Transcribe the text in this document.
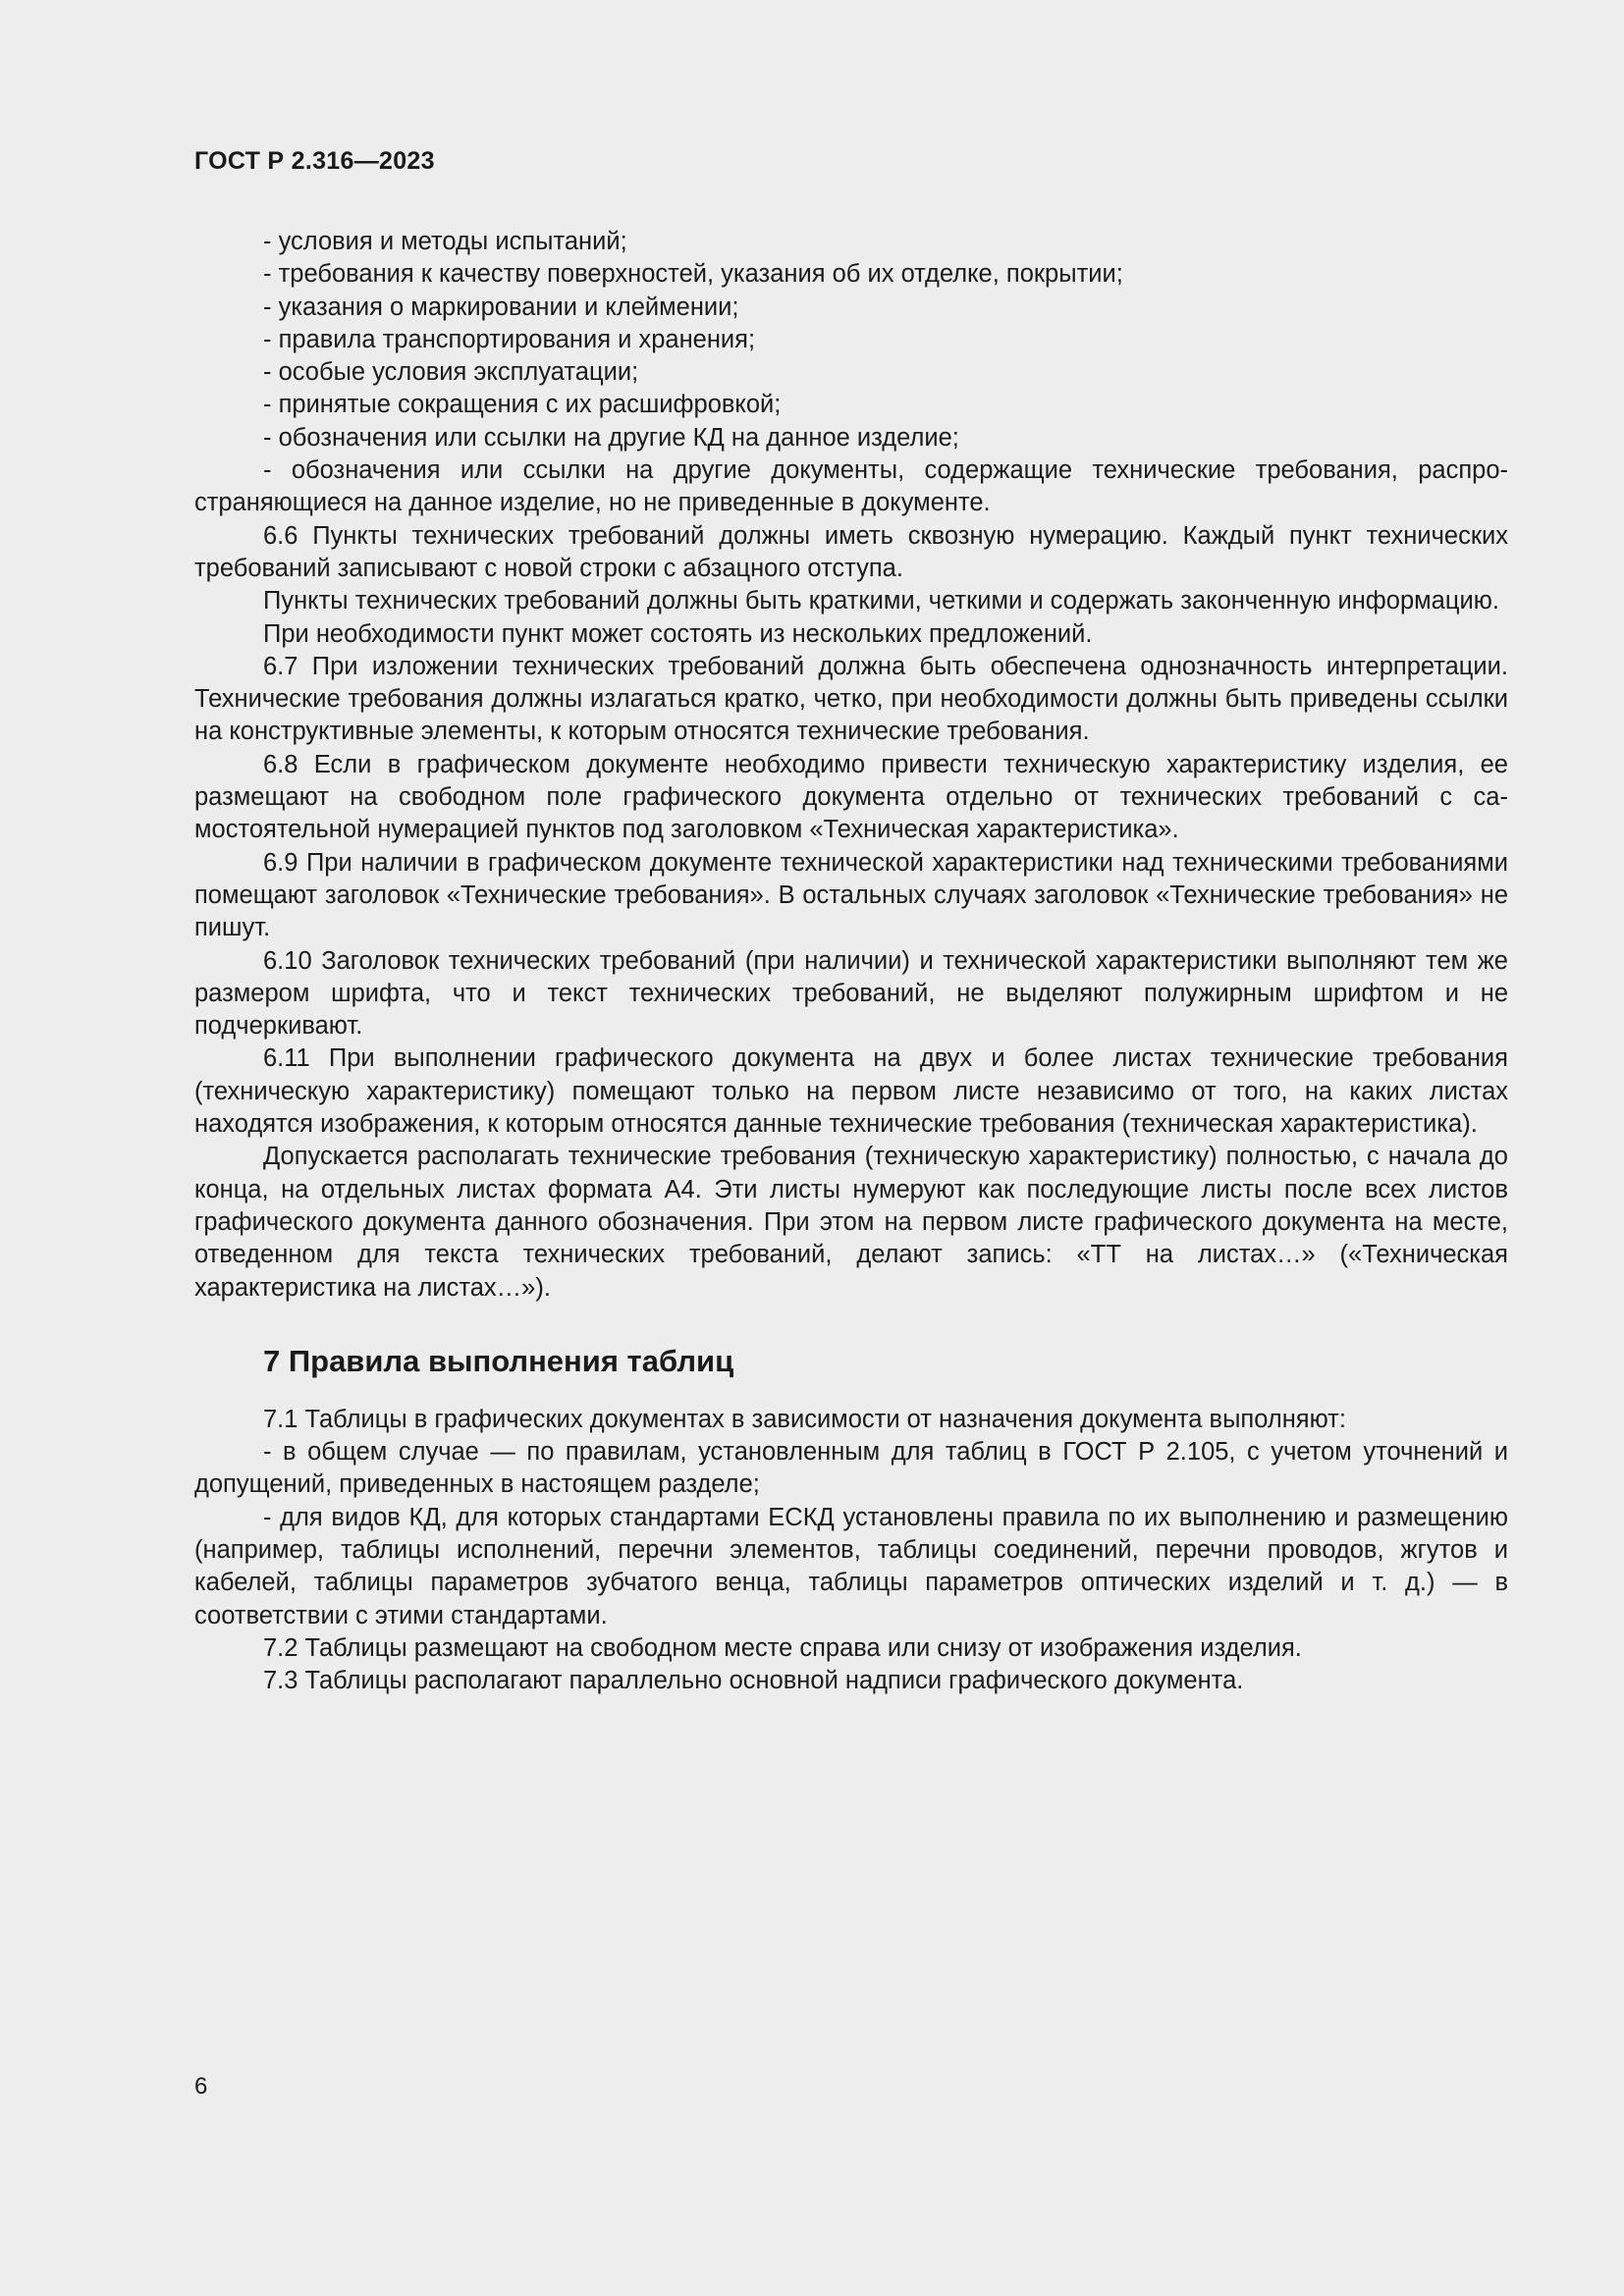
ГОСТ Р 2.316—2023

- условия и методы испытаний;

- требования к качеству поверхностей, указания об их отделке, покрытии;

- указания о маркировании и клеймении;

- правила транспортирования и хранения;

- особые условия эксплуатации;

- принятые сокращения с их расшифровкой;

- обозначения или ссылки на другие КД на данное изделие;

- обозначения или ссылки на другие документы, содержащие технические требования, распространяющиеся на данное изделие, но не приведенные в документе.

6.6 Пункты технических требований должны иметь сквозную нумерацию. Каждый пункт технических требований записывают с новой строки с абзацного отступа.

Пункты технических требований должны быть краткими, четкими и содержать законченную информацию.

При необходимости пункт может состоять из нескольких предложений.

6.7 При изложении технических требований должна быть обеспечена однозначность интерпретации. Технические требования должны излагаться кратко, четко, при необходимости должны быть приведены ссылки на конструктивные элементы, к которым относятся технические требования.

6.8 Если в графическом документе необходимо привести техническую характеристику изделия, ее размещают на свободном поле графического документа отдельно от технических требований с самостоятельной нумерацией пунктов под заголовком «Техническая характеристика».

6.9 При наличии в графическом документе технической характеристики над техническими требованиями помещают заголовок «Технические требования». В остальных случаях заголовок «Технические требования» не пишут.

6.10 Заголовок технических требований (при наличии) и технической характеристики выполняют тем же размером шрифта, что и текст технических требований, не выделяют полужирным шрифтом и не подчеркивают.

6.11 При выполнении графического документа на двух и более листах технические требования (техническую характеристику) помещают только на первом листе независимо от того, на каких листах находятся изображения, к которым относятся данные технические требования (техническая характеристика).

Допускается располагать технические требования (техническую характеристику) полностью, с начала до конца, на отдельных листах формата А4. Эти листы нумеруют как последующие листы после всех листов графического документа данного обозначения. При этом на первом листе графического документа на месте, отведенном для текста технических требований, делают запись: «ТТ на листах…» («Техническая характеристика на листах…»).

7 Правила выполнения таблиц

7.1 Таблицы в графических документах в зависимости от назначения документа выполняют:

- в общем случае — по правилам, установленным для таблиц в ГОСТ Р 2.105, с учетом уточнений и допущений, приведенных в настоящем разделе;

- для видов КД, для которых стандартами ЕСКД установлены правила по их выполнению и размещению (например, таблицы исполнений, перечни элементов, таблицы соединений, перечни проводов, жгутов и кабелей, таблицы параметров зубчатого венца, таблицы параметров оптических изделий и т. д.) — в соответствии с этими стандартами.

7.2 Таблицы размещают на свободном месте справа или снизу от изображения изделия.

7.3 Таблицы располагают параллельно основной надписи графического документа.

6
